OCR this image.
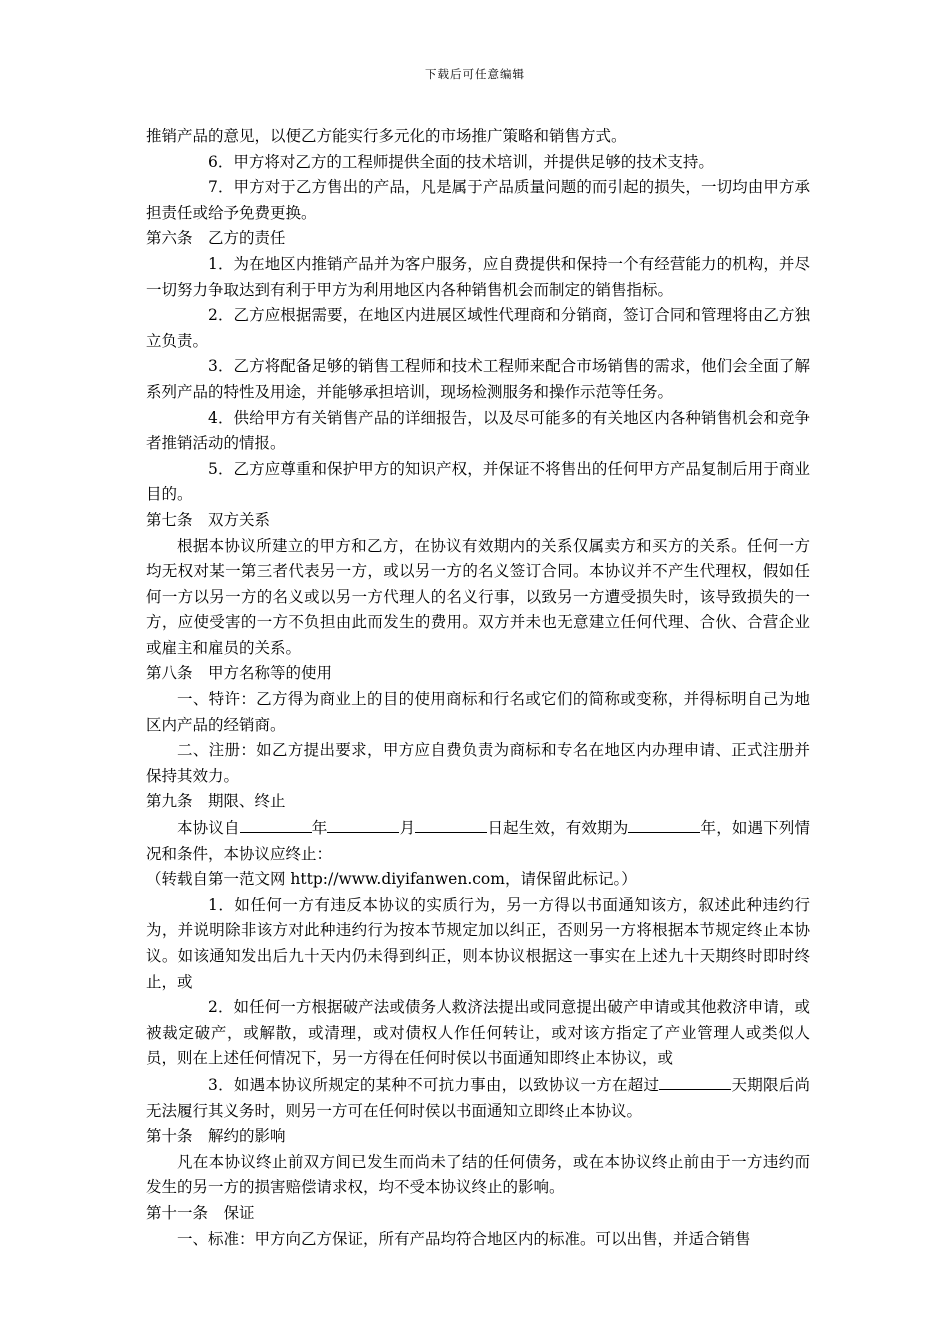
下载后可任意编辑

推销产品的意见，以便乙方能实行多元化的市场推广策略和销售方式。

6．甲方将对乙方的工程师提供全面的技术培训，并提供足够的技术支持。

7．甲方对于乙方售出的产品，凡是属于产品质量问题的而引起的损失，一切均由甲方承担责任或给予免费更换。

第六条　乙方的责任

1．为在地区内推销产品并为客户服务，应自费提供和保持一个有经营能力的机构，并尽一切努力争取达到有利于甲方为利用地区内各种销售机会而制定的销售指标。

2．乙方应根据需要，在地区内进展区域性代理商和分销商，签订合同和管理将由乙方独立负责。

3．乙方将配备足够的销售工程师和技术工程师来配合市场销售的需求，他们会全面了解系列产品的特性及用途，并能够承担培训，现场检测服务和操作示范等任务。

4．供给甲方有关销售产品的详细报告，以及尽可能多的有关地区内各种销售机会和竞争者推销活动的情报。

5．乙方应尊重和保护甲方的知识产权，并保证不将售出的任何甲方产品复制后用于商业目的。

第七条　双方关系

根据本协议所建立的甲方和乙方，在协议有效期内的关系仅属卖方和买方的关系。任何一方均无权对某一第三者代表另一方，或以另一方的名义签订合同。本协议并不产生代理权，假如任何一方以另一方的名义或以另一方代理人的名义行事，以致另一方遭受损失时，该导致损失的一方，应使受害的一方不负担由此而发生的费用。双方并未也无意建立任何代理、合伙、合营企业或雇主和雇员的关系。

第八条　甲方名称等的使用

一、特许：乙方得为商业上的目的使用商标和行名或它们的简称或变称，并得标明自己为地区内产品的经销商。

二、注册：如乙方提出要求，甲方应自费负责为商标和专名在地区内办理申请、正式注册并保持其效力。

第九条　期限、终止

本协议自	年	月	日起生效，有效期为	年，如遇下列情况和条件，本协议应终止：

（转载自第一范文网 http://www.diyifanwen.com，请保留此标记。）

1．如任何一方有违反本协议的实质行为，另一方得以书面通知该方，叙述此种违约行为，并说明除非该方对此种违约行为按本节规定加以纠正，否则另一方将根据本节规定终止本协议。如该通知发出后九十天内仍未得到纠正，则本协议根据这一事实在上述九十天期终时即时终止，或

2．如任何一方根据破产法或债务人救济法提出或同意提出破产申请或其他救济申请，或被裁定破产，或解散，或清理，或对债权人作任何转让，或对该方指定了产业管理人或类似人员，则在上述任何情况下，另一方得在任何时侯以书面通知即终止本协议，或

3．如遇本协议所规定的某种不可抗力事由，以致协议一方在超过	天期限后尚无法履行其义务时，则另一方可在任何时侯以书面通知立即终止本协议。

第十条　解约的影响

凡在本协议终止前双方间已发生而尚未了结的任何债务，或在本协议终止前由于一方违约而发生的另一方的损害赔偿请求权，均不受本协议终止的影响。

第十一条　保证

一、标准：甲方向乙方保证，所有产品均符合地区内的标准。可以出售，并适合销售
